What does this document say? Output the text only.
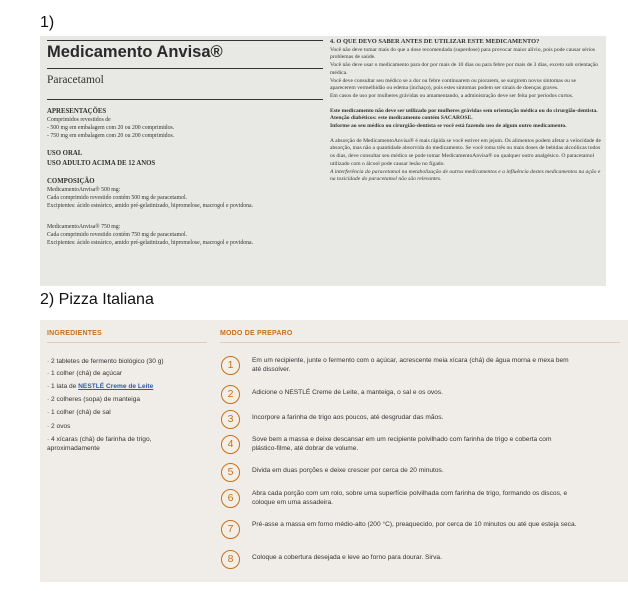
1)
2) Pizza Italiana
Medicamento Anvisa®
Paracetamol
APRESENTAÇÕES
Comprimidos revestidos de
- 500 mg em embalagem com 20 ou 200 comprimidos.
- 750 mg em embalagem com 20 ou 200 comprimidos.
USO ORAL
USO ADULTO ACIMA DE 12 ANOS
COMPOSIÇÃO
MedicamentoAnvisa® 500 mg:
Cada comprimido revestido contém 500 mg de paracetamol.
Excipientes: ácido esteárico, amido pré-gelatinizado, hipromelose, macrogol e povidona.
MedicamentoAnvisa® 750 mg:
Cada comprimido revestido contém 750 mg de paracetamol.
Excipientes: ácido esteárico, amido pré-gelatinizado, hipromelose, macrogol e povidona.

4. O QUE DEVO SABER ANTES DE UTILIZAR ESTE MEDICAMENTO?

Você não deve tomar mais do que a dose recomendada (superdose) para provocar maior alívio, pois pode causar sérios problemas de saúde.

Você não deve usar o medicamento para dor por mais de 10 dias ou para febre por mais de 3 dias, exceto sob orientação médica.

Você deve consultar seu médico se a dor ou febre continuarem ou piorarem, se surgirem novos sintomas ou se aparecerem vermelhidão ou edema (inchaço), pois estes sintomas podem ser sinais de doenças graves.

Em casos de uso por mulheres grávidas ou amamentando, a administração deve ser feita por períodos curtos.

Este medicamento não deve ser utilizado por mulheres grávidas sem orientação médica ou do cirurgião-dentista.

Atenção diabéticos: este medicamento contém SACAROSE.

Informe ao seu médico ou cirurgião-dentista se você está fazendo uso de algum outro medicamento.

A absorção de MedicamentoAnvisa® é mais rápida se você estiver em jejum. Os alimentos podem afetar a velocidade de absorção, mas não a quantidade absorvida do medicamento. Se você toma três ou mais doses de bebidas alcoólicas todos os dias, deve consultar seu médico se pode tomar MedicamentoAnvisa® ou qualquer outro analgésico. O paracetamol utilizado com o álcool pode causar lesão no fígado.

A interferência do paracetamol na metabolização de outros medicamentos e a influência destes medicamentos na ação e na toxicidade do paracetamol não são relevantes.

INGREDIENTES	MODO DE PREPARO
· 2 tabletes de fermento biológico (30 g)
· 1 colher (chá) de açúcar
· 1 lata de NESTLÉ Creme de Leite
· 2 colheres (sopa) de manteiga
· 1 colher (chá) de sal
· 2 ovos
· 4 xícaras (chá) de farinha de trigo, aproximadamente
1	Em um recipiente, junte o fermento com o açúcar, acrescente meia xícara (chá) de água morna e mexa bem até dissolver.
2	Adicione o NESTLÉ Creme de Leite, a manteiga, o sal e os ovos.
3	Incorpore a farinha de trigo aos poucos, até desgrudar das mãos.
4	Sove bem a massa e deixe descansar em um recipiente polvilhado com farinha de trigo e coberta com plástico-filme, até dobrar de volume.
5	Divida em duas porções e deixe crescer por cerca de 20 minutos.
6	Abra cada porção com um rolo, sobre uma superfície polvilhada com farinha de trigo, formando os discos, e coloque em uma assadeira.
7	Pré-asse a massa em forno médio-alto (200 °C), preaquecido, por cerca de 10 minutos ou até que esteja seca.
8	Coloque a cobertura desejada e leve ao forno para dourar. Sirva.
